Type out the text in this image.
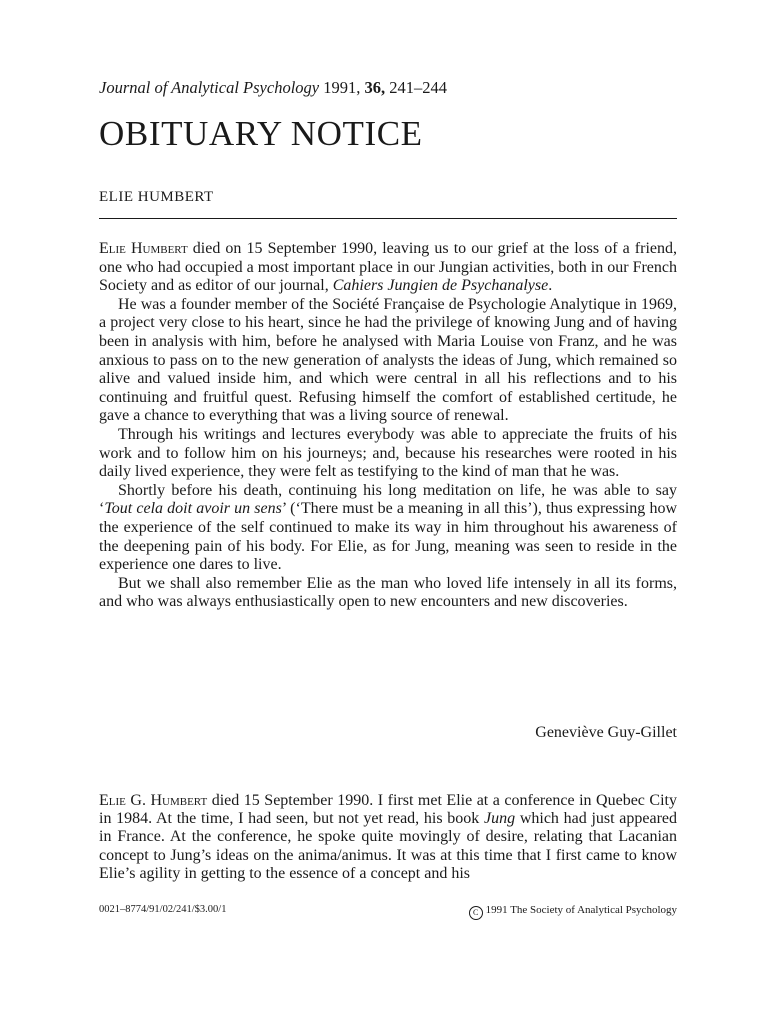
Journal of Analytical Psychology 1991, 36, 241–244
OBITUARY NOTICE
ELIE HUMBERT

Elie Humbert died on 15 September 1990, leaving us to our grief at the loss of a friend, one who had occupied a most important place in our Jungian activities, both in our French Society and as editor of our journal, Cahiers Jungien de Psychanalyse.

He was a founder member of the Société Française de Psychologie Analytique in 1969, a project very close to his heart, since he had the privilege of knowing Jung and of having been in analysis with him, before he analysed with Maria Louise von Franz, and he was anxious to pass on to the new generation of analysts the ideas of Jung, which remained so alive and valued inside him, and which were central in all his reflections and to his continuing and fruitful quest. Refusing himself the comfort of established certitude, he gave a chance to everything that was a living source of renewal.

Through his writings and lectures everybody was able to appreciate the fruits of his work and to follow him on his journeys; and, because his researches were rooted in his daily lived experience, they were felt as testifying to the kind of man that he was.

Shortly before his death, continuing his long meditation on life, he was able to say ‘Tout cela doit avoir un sens’ (‘There must be a meaning in all this’), thus expressing how the experience of the self continued to make its way in him throughout his awareness of the deepening pain of his body. For Elie, as for Jung, meaning was seen to reside in the experience one dares to live.

But we shall also remember Elie as the man who loved life intensely in all its forms, and who was always enthusiastically open to new encounters and new discoveries.

Geneviève Guy-Gillet

Elie G. Humbert died 15 September 1990. I first met Elie at a conference in Quebec City in 1984. At the time, I had seen, but not yet read, his book Jung which had just appeared in France. At the conference, he spoke quite movingly of desire, relating that Lacanian concept to Jung’s ideas on the anima/animus. It was at this time that I first came to know Elie’s agility in getting to the essence of a concept and his

0021–8774/91/02/241/$3.00/1	C 1991 The Society of Analytical Psychology
